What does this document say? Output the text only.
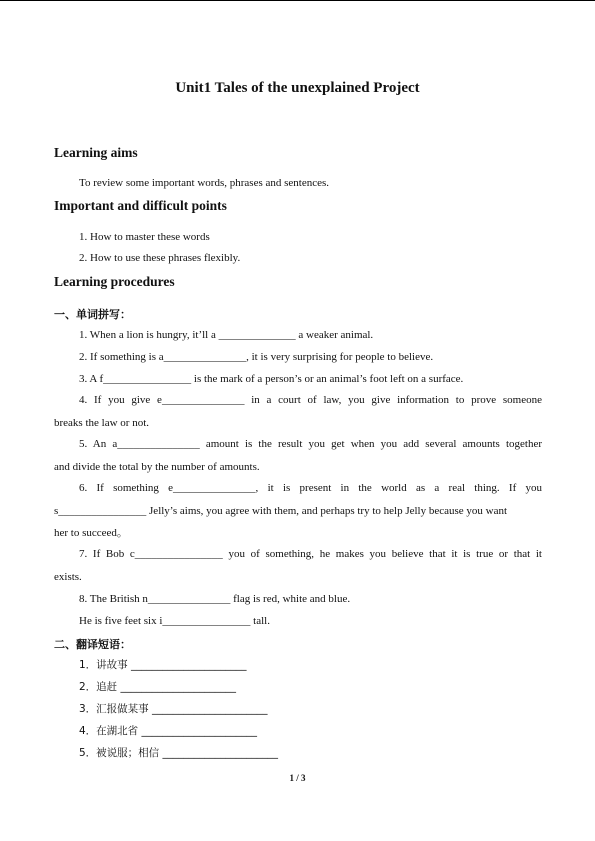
Unit1 Tales of the unexplained Project
Learning aims
To review some important words, phrases and sentences.
Important and difficult points
1. How to master these words
2. How to use these phrases flexibly.
Learning procedures
一、单词拼写：
1. When a lion is hungry, it’ll a ______________ a weaker animal.
2. If something is a_______________, it is very surprising for people to believe.
3. A f________________ is the mark of a person’s or an animal’s foot left on a surface.
4. If you give e_______________ in a court of law, you give information to prove someone
breaks the law or not.
5. An a_______________ amount is the result you get when you add several amounts together
and divide the total by the number of amounts.
6. If something e_______________, it is present in the world as a real thing. If you
s________________ Jelly’s aims, you agree with them, and perhaps try to help Jelly because you want
her to succeed。
7. If Bob c________________ you of something, he makes you believe that it is true or that it
exists.
8. The British n_______________ flag is red, white and blue.
He is five feet six i________________ tall.
二、翻译短语：
1．讲故事 ______________________
2．追赶 ______________________
3．汇报做某事 ______________________
4．在湖北省 ______________________
5．被说服；相信 ______________________
1 / 3
